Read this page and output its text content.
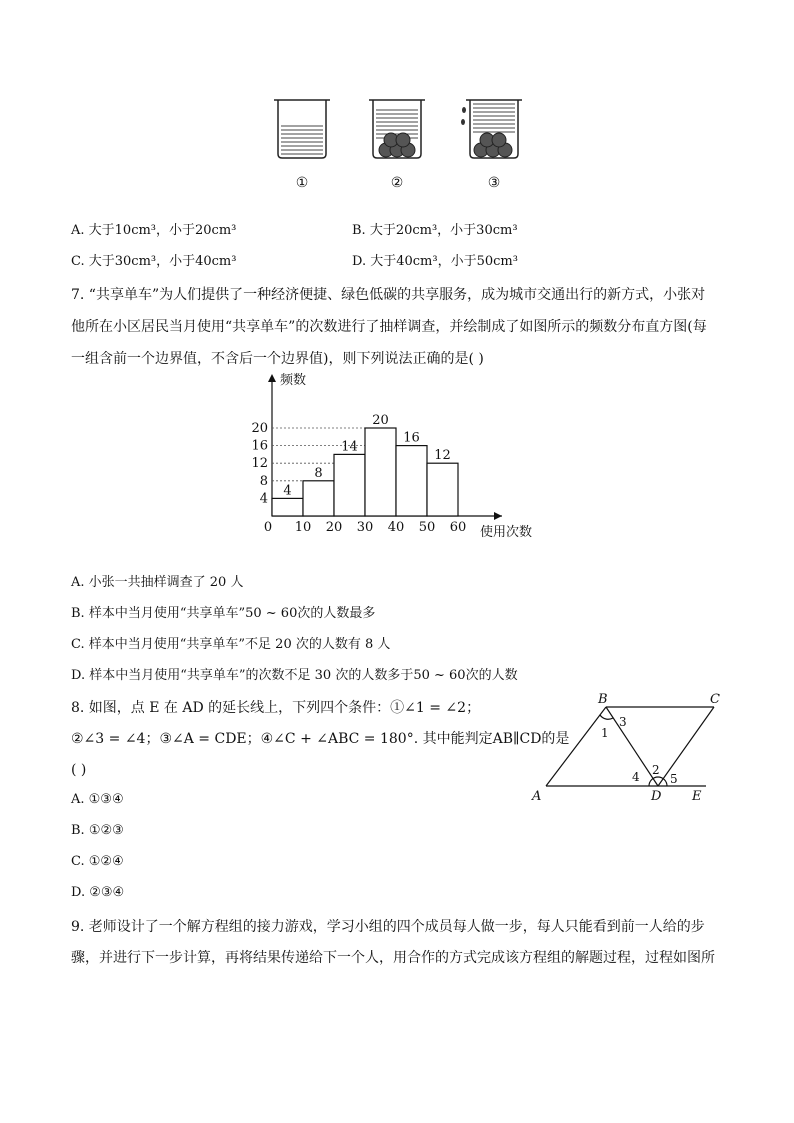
①	②	③
A. 大于10cm³，小于20cm³	B. 大于20cm³，小于30cm³
C. 大于30cm³，小于40cm³	D. 大于40cm³，小于50cm³
7. “共享单车”为人们提供了一种经济便捷、绿色低碳的共享服务，成为城市交通出行的新方式，小张对
他所在小区居民当月使用“共享单车”的次数进行了抽样调查，并绘制成了如图所示的频数分布直方图(每
一组含前一个边界值，不含后一个边界值)，则下列说法正确的是( )
4
8
14
20
16
12
4
8
12
16
20
0 10 20 30 40 50 60
频数
使用次数
A. 小张一共抽样调查了 20 人
B. 样本中当月使用“共享单车”50 ~ 60次的人数最多
C. 样本中当月使用“共享单车”不足 20 次的人数有 8 人
D. 样本中当月使用“共享单车”的次数不足 30 次的人数多于50 ~ 60次的人数
8. 如图，点 E 在 AD 的延长线上，下列四个条件：①∠1 = ∠2；
②∠3 = ∠4；③∠A = CDE；④∠C + ∠ABC = 180°. 其中能判定AB∥CD的是
( )
A. ①③④
B. ①②③
C. ①②④
D. ②③④
A
B	C
D E
1
2
3
4	5
9. 老师设计了一个解方程组的接力游戏，学习小组的四个成员每人做一步，每人只能看到前一人给的步
骤，并进行下一步计算，再将结果传递给下一个人，用合作的方式完成该方程组的解题过程，过程如图所
